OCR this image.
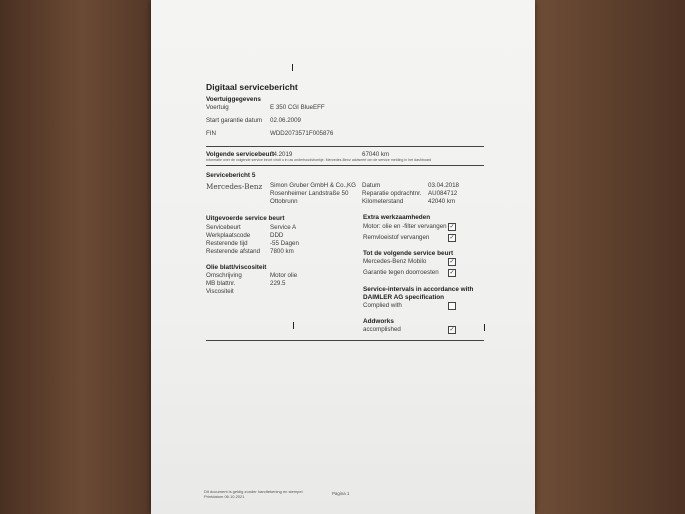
Digitaal servicebericht
Voertuiggegevens
Voertuig	E 350 CGI BlueEFF
Start garantie datum 02.06.2009
FIN	WDD2073571F005876
Volgende servicebeurt
04.2019	67040 km
Informatie over de volgende service beurt vindt u in uw onderhoudsboekje. Mercedes-Benz adviseert om de service melding in het dashboard
Servicebericht 5
Mercedes-Benz Simon Gruber GmbH & Co.,KG
Rosenheimer Landstraße 50
Ottobrunn
Datum	03.04.2018
Reparatie opdrachtnr. AU084712
Kilometerstand	42040 km
Uitgevoerde service beurt
Servicebeurt	Service A
Werkplaatscode	DDD
Resterende tijd	-55 Dagen
Resterende afstand 7800 km
Olie blatt/viscositeit
Omschrijving	Motor olie
MB blattnr.	229.5
Viscositeit
Extra werkzaamheden
Motor: olie en -filter vervangen ✓
Remvloeistof vervangen	✓
Tot de volgende service beurt
Mercedes-Benz Mobilo	✓
Garantie tegen doorroesten ✓
Service-intervals in accordance with
DAIMLER AG specification
Complied with
Addworks
accomplished	✓
Dit document is geldig zonder handtekening en stempel
Printdatum 06.10.2021
Pagina 1
